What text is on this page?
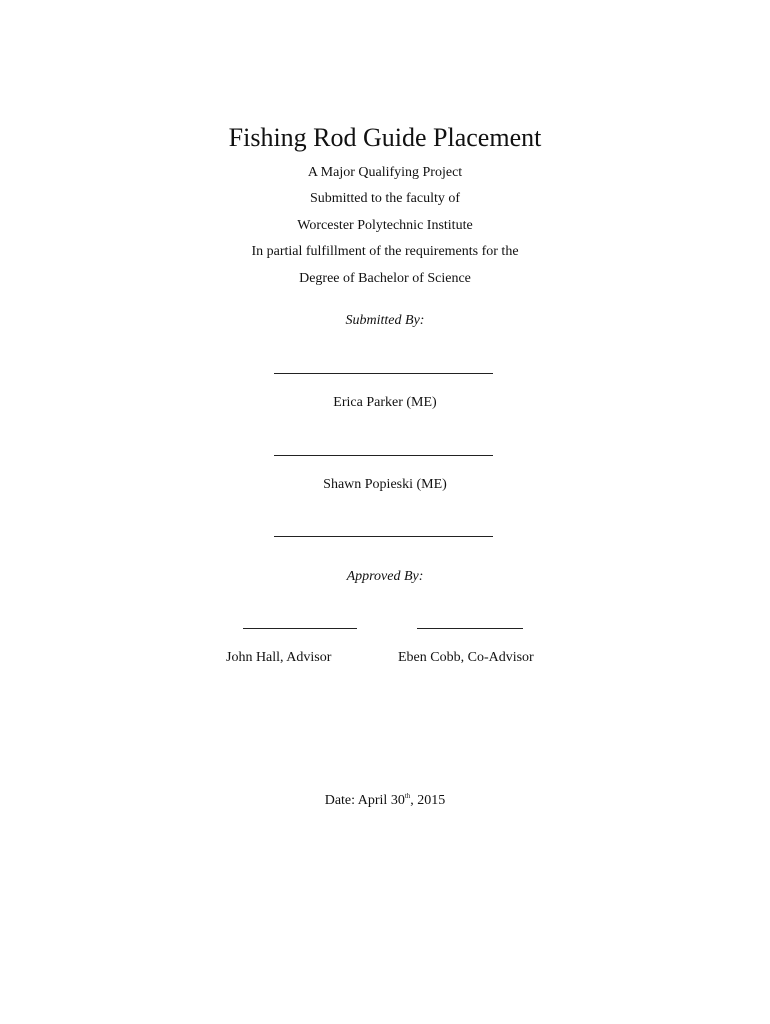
Fishing Rod Guide Placement
A Major Qualifying Project
Submitted to the faculty of
Worcester Polytechnic Institute
In partial fulfillment of the requirements for the
Degree of Bachelor of Science
Submitted By:
Erica Parker (ME)
Shawn Popieski (ME)
Approved By:
John Hall, Advisor	Eben Cobb, Co-Advisor
Date: April 30th, 2015
